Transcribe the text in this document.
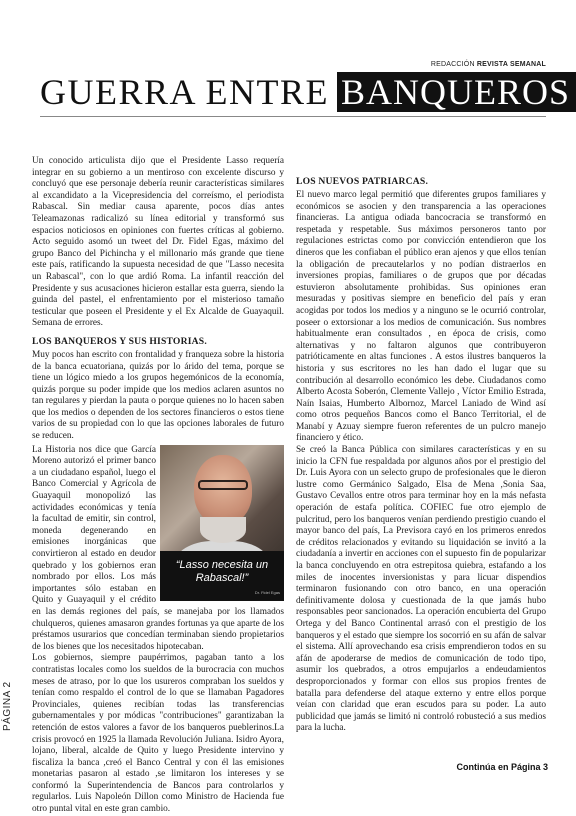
REDACCIÓN REVISTA SEMANAL
GUERRA ENTRE BANQUEROS

Un conocido articulista dijo que el Presidente Lasso requería integrar en su gobierno a un mentiroso con excelente discurso y concluyó que ese personaje debería reunir características similares al excandidato a la Vicepresidencia del correísmo, el periodista Rabascal. Sin mediar causa aparente, pocos días antes Teleamazonas radicalizó su línea editorial y transformó sus espacios noticiosos en opiniones con fuertes críticas al gobierno. Acto seguido asomó un tweet del Dr. Fidel Egas, máximo del grupo Banco del Pichincha y el millonario más grande que tiene este país, ratificando la supuesta necesidad de que "Lasso necesita un Rabascal", con lo que ardió Roma. La infantil reacción del Presidente y sus acusaciones hicieron estallar esta guerra, siendo la guinda del pastel, el enfrentamiento por el misterioso tamaño testicular que poseen el Presidente y el Ex Alcalde de Guayaquil. Semana de errores.

LOS BANQUEROS Y SUS HISTORIAS.

Muy pocos han escrito con frontalidad y franqueza sobre la historia de la banca ecuatoriana, quizás por lo árido del tema, porque se tiene un lógico miedo a los grupos hegemónicos de la economía, quizás porque su poder impide que los medios aclaren asuntos no tan regulares y pierdan la pauta o porque quienes no lo hacen saben que los medios o dependen de los sectores financieros o estos tiene varios de su propiedad con lo que las opciones laborales de futuro se reducen.

“Lasso necesita un Rabascal!”
Dr. Fidel Egas

La Historia nos dice que García Moreno autorizó el primer banco a un ciudadano español, luego el Banco Comercial y Agrícola de Guayaquil monopolizó las actividades económicas y tenía la facultad de emitir, sin control, moneda degenerando en emisiones inorgánicas que convirtieron al estado en deudor quebrado y los gobiernos eran nombrado por ellos. Los más importantes sólo estaban en Quito y Guayaquil y el crédito en las demás regiones del país, se manejaba por los llamados chulqueros, quienes amasaron grandes fortunas ya que aparte de los préstamos usurarios que concedían terminaban siendo propietarios de los bienes que los necesitados hipotecaban.

Los gobiernos, siempre paupérrimos, pagaban tanto a los contratistas locales como los sueldos de la burocracia con muchos meses de atraso, por lo que los usureros compraban los sueldos y tenían como respaldo el control de lo que se llamaban Pagadores Provinciales, quienes recibían todas las transferencias gubernamentales y por módicas "contribuciones" garantizaban la retención de estos valores a favor de los banqueros pueblerinos.La crisis provocó en 1925 la llamada Revolución Juliana. Isidro Ayora, lojano, liberal, alcalde de Quito y luego Presidente intervino y fiscaliza la banca ,creó el Banco Central y con él las emisiones monetarias pasaron al estado ,se limitaron los intereses y se conformó la Superintendencia de Bancos para controlarlos y regularlos. Luis Napoleón Dillon como Ministro de Hacienda fue otro puntal vital en este gran cambio.

LOS NUEVOS PATRIARCAS.

El nuevo marco legal permitió que diferentes grupos familiares y económicos se asocien y den transparencia a las operaciones financieras. La antigua odiada bancocracia se transformó en respetada y respetable. Sus máximos personeros tanto por regulaciones estrictas como por convicción entendieron que los dineros que les confiaban el público eran ajenos y que ellos tenían la obligación de precautelarlos y no podían distraerlos en inversiones propias, familiares o de grupos que por décadas estuvieron absolutamente prohibidas. Sus opiniones eran mesuradas y positivas siempre en beneficio del país y eran acogidas por todos los medios y a ninguno se le ocurrió controlar, poseer o extorsionar a los medios de comunicación. Sus nombres habitualmente eran consultados , en época de crisis, como alternativas y no faltaron algunos que contribuyeron patrióticamente en altas funciones . A estos ilustres banqueros la historia y sus escritores no les han dado el lugar que su contribución al desarrollo económico les debe. Ciudadanos como Alberto Acosta Soberón, Clemente Vallejo , Víctor Emilio Estrada, Naín Isaias, Humberto Albornoz, Marcel Laniado de Wind así como otros pequeños Bancos como el Banco Territorial, el de Manabí y Azuay siempre fueron referentes de un pulcro manejo financiero y ético.

Se creó la Banca Pública con similares características y en su inicio la CFN fue respaldada por algunos años por el prestigio del Dr. Luis Ayora con un selecto grupo de profesionales que le dieron lustre como Germánico Salgado, Elsa de Mena ,Sonia Saa, Gustavo Cevallos entre otros para terminar hoy en la más nefasta operación de estafa política. COFIEC fue otro ejemplo de pulcritud, pero los banqueros venían perdiendo prestigio cuando el mayor banco del país, La Previsora cayó en los primeros enredos de créditos relacionados y evitando su liquidación se invitó a la ciudadanía a invertir en acciones con el supuesto fin de popularizar la banca concluyendo en otra estrepitosa quiebra, estafando a los miles de inocentes inversionistas y para licuar dispendios terminaron fusionando con otro banco, en una operación definitivamente dolosa y cuestionada de la que jamás hubo responsables peor sancionados. La operación encubierta del Grupo Ortega y del Banco Continental arrasó con el prestigio de los banqueros y el estado que siempre los socorrió en su afán de salvar el sistema. Allí aprovechando esa crisis emprendieron todos en su afán de apoderarse de medios de comunicación de todo tipo, asumir los quebrados, a otros empujarlos a endeudamientos desproporcionados y formar con ellos sus propios frentes de batalla para defenderse del ataque externo y entre ellos porque veían con claridad que eran escudos para su poder. La auto publicidad que jamás se limitó ni controló robusteció a sus medios para la lucha.

PÁGINA 2
Continúa en Página 3
